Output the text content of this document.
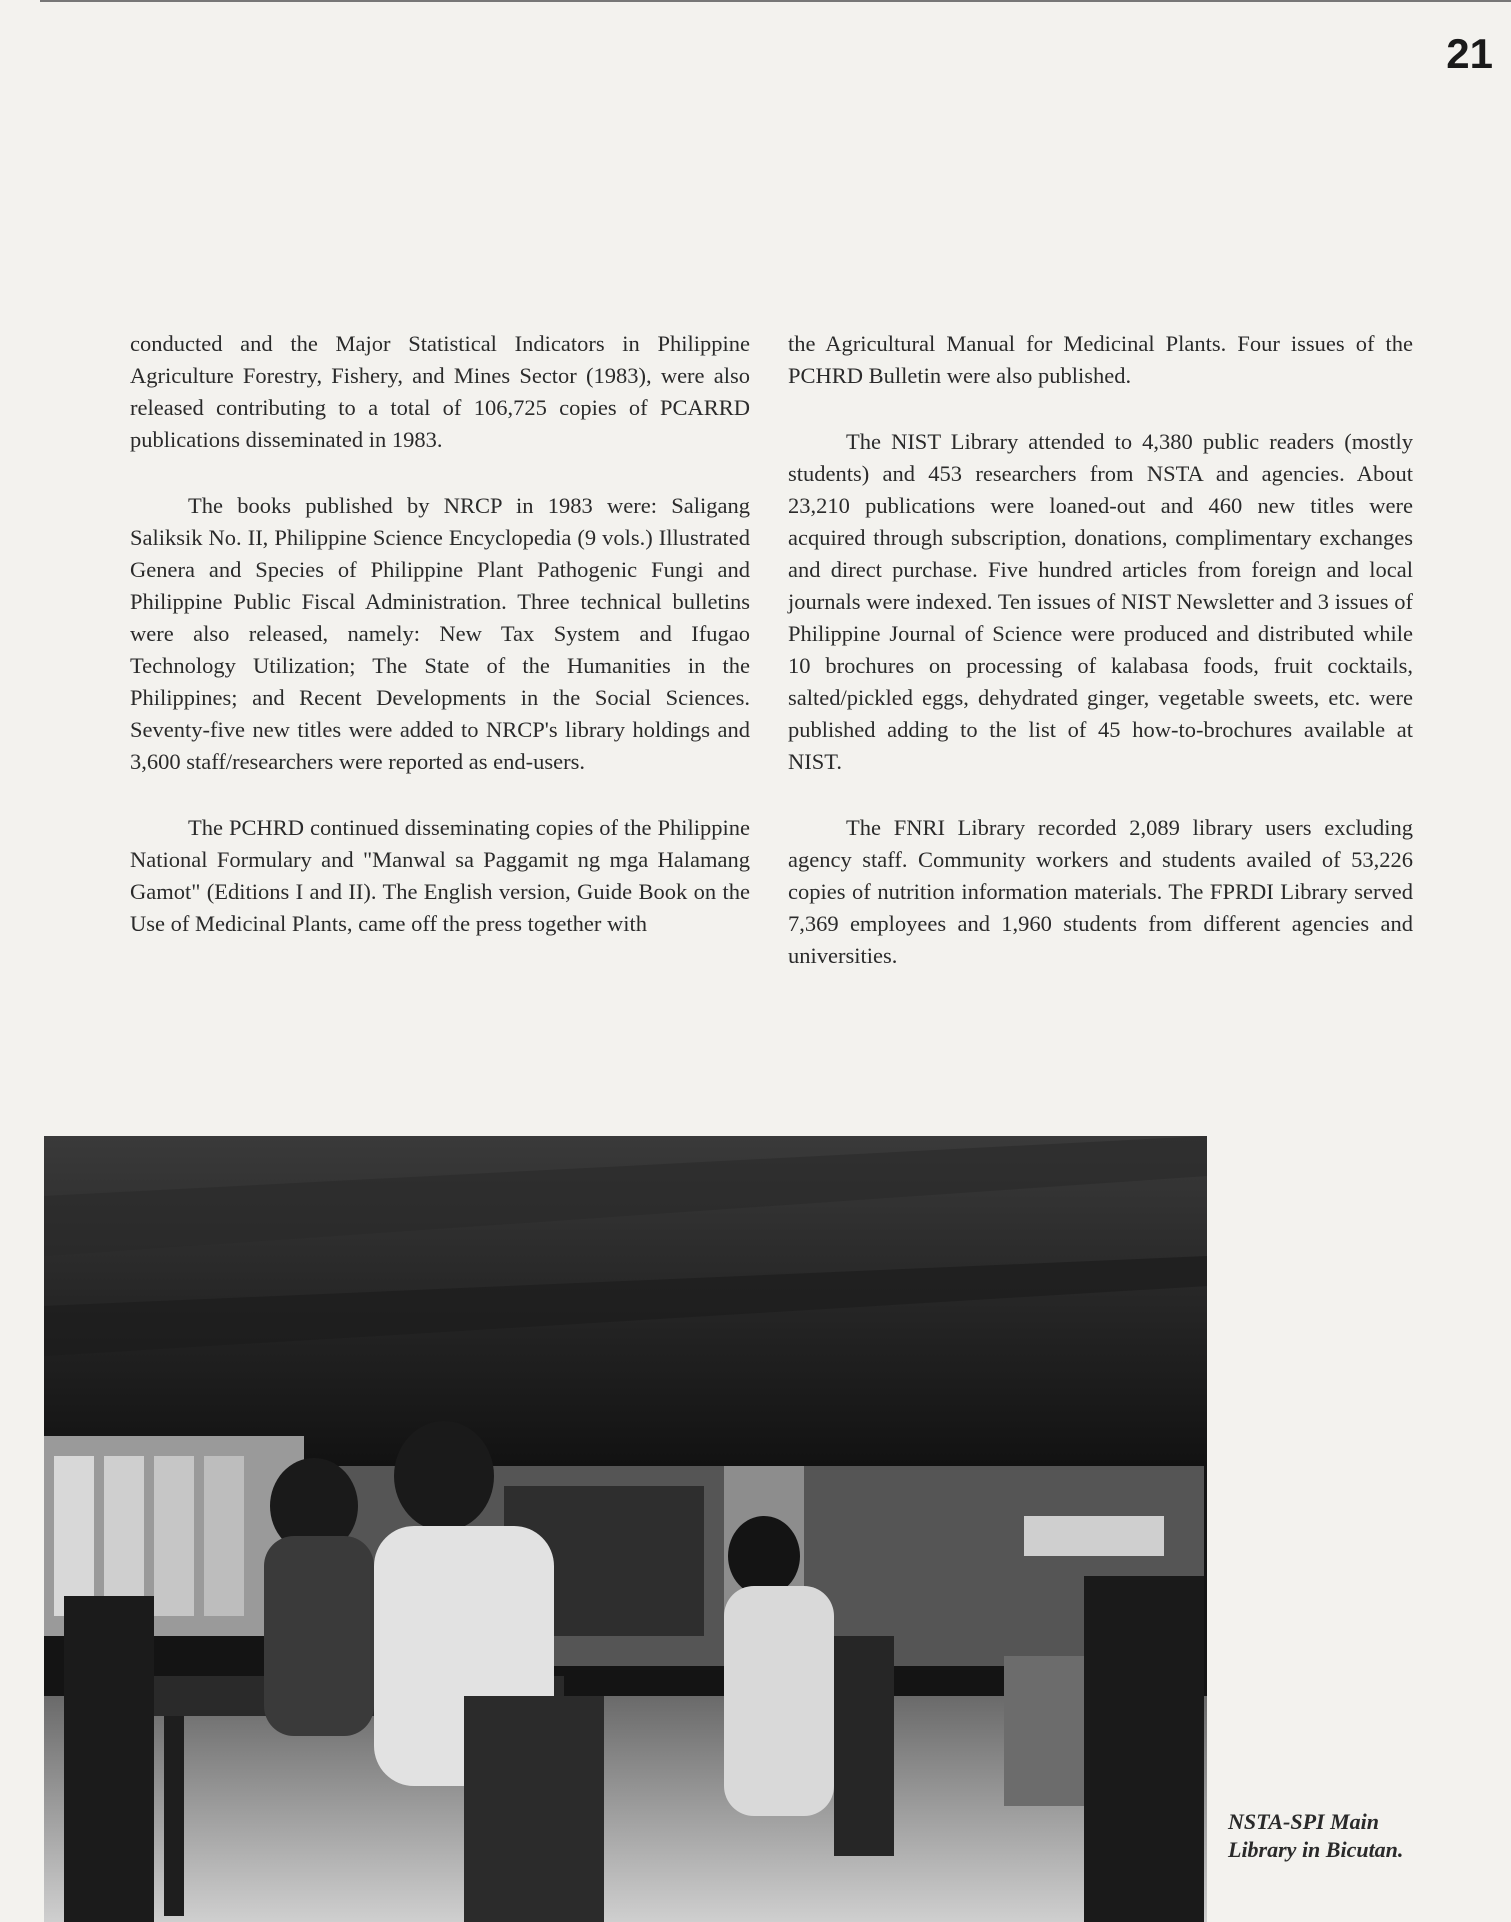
21

conducted and the Major Statistical Indicators in Philippine Agriculture Forestry, Fishery, and Mines Sector (1983), were also released contributing to a total of 106,725 copies of PCARRD publications disseminated in 1983.

The books published by NRCP in 1983 were: Saligang Saliksik No. II, Philippine Science Encyclopedia (9 vols.) Illustrated Genera and Species of Philippine Plant Pathogenic Fungi and Philippine Public Fiscal Administration. Three technical bulletins were also released, namely: New Tax System and Ifugao Technology Utilization; The State of the Humanities in the Philippines; and Recent Developments in the Social Sciences. Seventy-five new titles were added to NRCP's library holdings and 3,600 staff/researchers were reported as end-users.

The PCHRD continued disseminating copies of the Philippine National Formulary and "Manwal sa Paggamit ng mga Halamang Gamot" (Editions I and II). The English version, Guide Book on the Use of Medicinal Plants, came off the press together with

the Agricultural Manual for Medicinal Plants. Four issues of the PCHRD Bulletin were also published.

The NIST Library attended to 4,380 public readers (mostly students) and 453 researchers from NSTA and agencies. About 23,210 publications were loaned-out and 460 new titles were acquired through subscription, donations, complimentary exchanges and direct purchase. Five hundred articles from foreign and local journals were indexed. Ten issues of NIST Newsletter and 3 issues of Philippine Journal of Science were produced and distributed while 10 brochures on processing of kalabasa foods, fruit cocktails, salted/pickled eggs, dehydrated ginger, vegetable sweets, etc. were published adding to the list of 45 how-to-brochures available at NIST.

The FNRI Library recorded 2,089 library users excluding agency staff. Community workers and students availed of 53,226 copies of nutrition information materials. The FPRDI Library served 7,369 employees and 1,960 students from different agencies and universities.

NSTA-SPI Main
Library in Bicutan.
